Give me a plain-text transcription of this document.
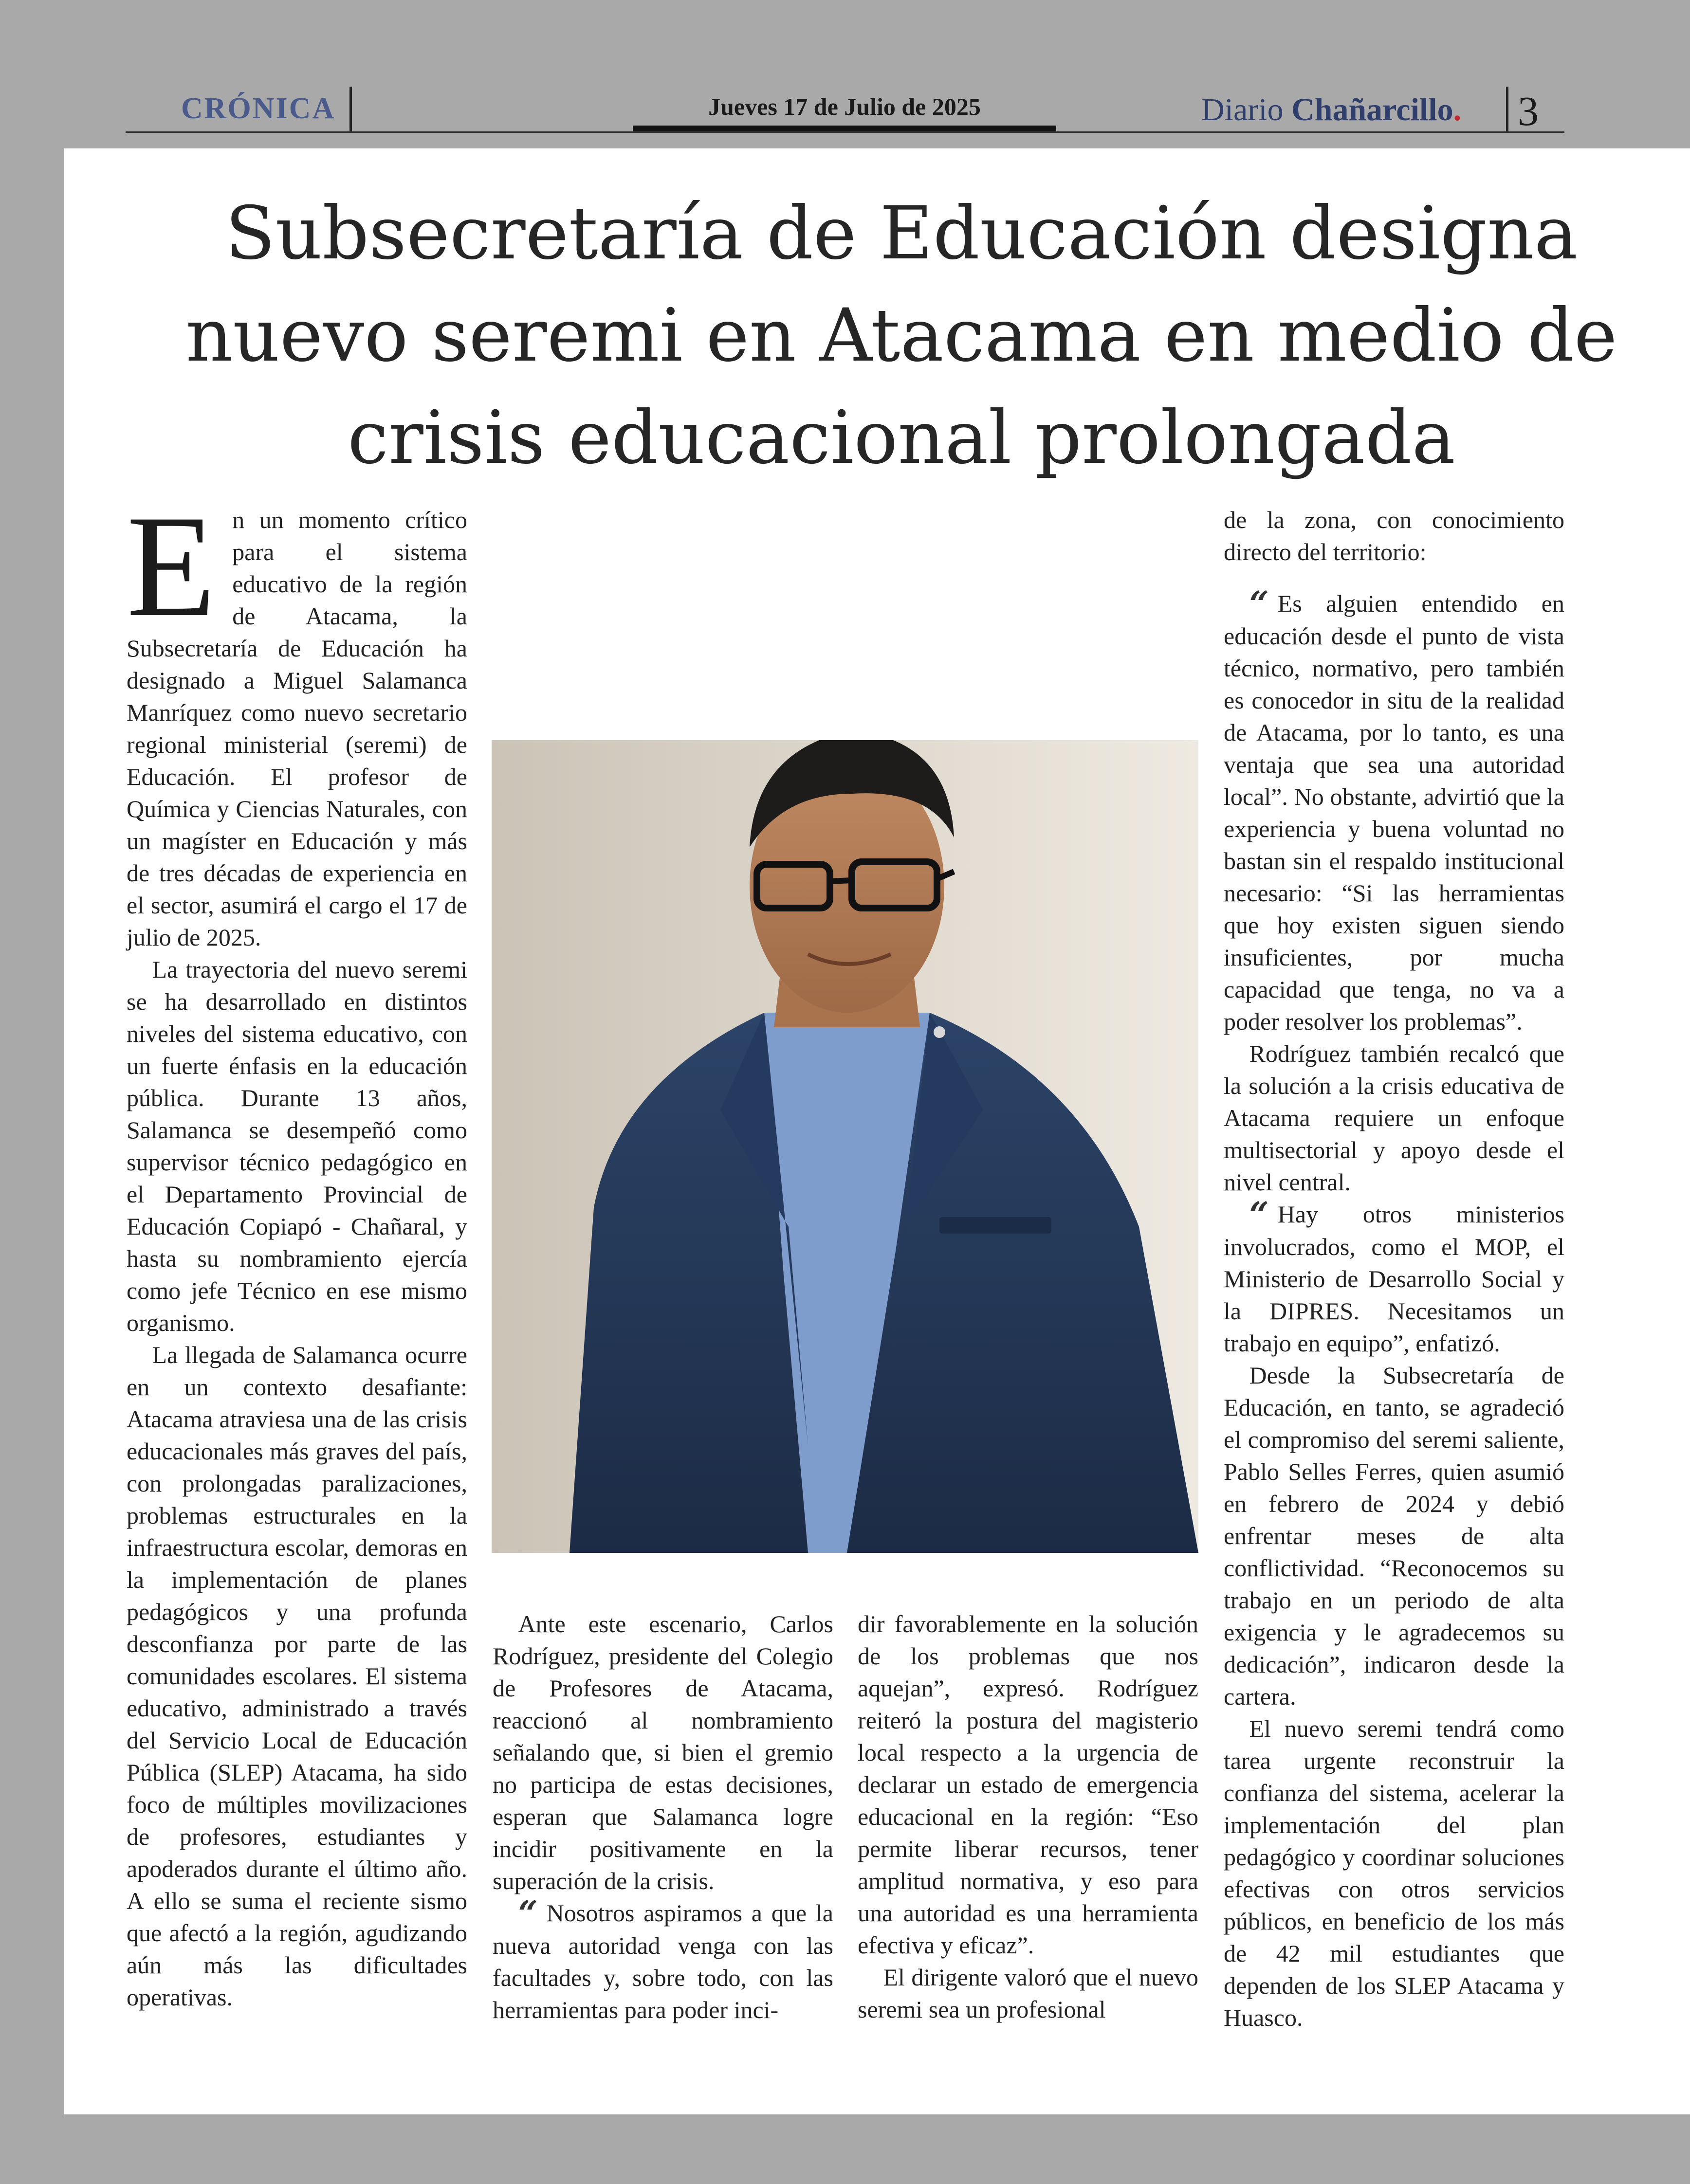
CRÓNICA	Jueves 17 de Julio de 2025	Diario Chañarcillo. 3
Subsecretaría de Educación designa nuevo seremi en Atacama en medio de crisis educacional prolongada

En un momento crítico para el sistema educativo de la región de Atacama, la Subsecretaría de Educación ha designado a Miguel Salamanca Manríquez como nuevo secretario regional ministerial (seremi) de Educación. El profesor de Química y Ciencias Naturales, con un magíster en Educación y más de tres décadas de experiencia en el sector, asumirá el cargo el 17 de julio de 2025.

La trayectoria del nuevo seremi se ha desarrollado en distintos niveles del sistema educativo, con un fuerte énfasis en la educación pública. Durante 13 años, Salamanca se desempeñó como supervisor técnico pedagógico en el Departamento Provincial de Educación Copiapó - Chañaral, y hasta su nombramiento ejercía como jefe Técnico en ese mismo organismo.

La llegada de Salamanca ocurre en un contexto desafiante: Atacama atraviesa una de las crisis educacionales más graves del país, con prolongadas paralizaciones, problemas estructurales en la infraestructura escolar, demoras en la implementación de planes pedagógicos y una profunda desconfianza por parte de las comunidades escolares. El sistema educativo, administrado a través del Servicio Local de Educación Pública (SLEP) Atacama, ha sido foco de múltiples movilizaciones de profesores, estudiantes y apoderados durante el último año. A ello se suma el reciente sismo que afectó a la región, agudizando aún más las dificultades operativas.

Ante este escenario, Carlos Rodríguez, presidente del Colegio de Profesores de Atacama, reaccionó al nombramiento señalando que, si bien el gremio no participa de estas decisiones, esperan que Salamanca logre incidir positivamente en la superación de la crisis.

“ Nosotros aspiramos a que la nueva autoridad venga con las facultades y, sobre todo, con las herramientas para poder inci-

dir favorablemente en la solución de los problemas que nos aquejan”, expresó. Rodríguez reiteró la postura del magisterio local respecto a la urgencia de declarar un estado de emergencia educacional en la región: “Eso permite liberar recursos, tener amplitud normativa, y eso para una autoridad es una herramienta efectiva y eficaz”.

El dirigente valoró que el nuevo seremi sea un profesional

de la zona, con conocimiento directo del territorio:

“ Es alguien entendido en educación desde el punto de vista técnico, normativo, pero también es conocedor in situ de la realidad de Atacama, por lo tanto, es una ventaja que sea una autoridad local”. No obstante, advirtió que la experiencia y buena voluntad no bastan sin el respaldo institucional necesario: “Si las herramientas que hoy existen siguen siendo insuficientes, por mucha capacidad que tenga, no va a poder resolver los problemas”.

Rodríguez también recalcó que la solución a la crisis educativa de Atacama requiere un enfoque multisectorial y apoyo desde el nivel central.

“ Hay otros ministerios involucrados, como el MOP, el Ministerio de Desarrollo Social y la DIPRES. Necesitamos un trabajo en equipo”, enfatizó.

Desde la Subsecretaría de Educación, en tanto, se agradeció el compromiso del seremi saliente, Pablo Selles Ferres, quien asumió en febrero de 2024 y debió enfrentar meses de alta conflictividad. “Reconocemos su trabajo en un periodo de alta exigencia y le agradecemos su dedicación”, indicaron desde la cartera.

El nuevo seremi tendrá como tarea urgente reconstruir la confianza del sistema, acelerar la implementación del plan pedagógico y coordinar soluciones efectivas con otros servicios públicos, en beneficio de los más de 42 mil estudiantes que dependen de los SLEP Atacama y Huasco.
